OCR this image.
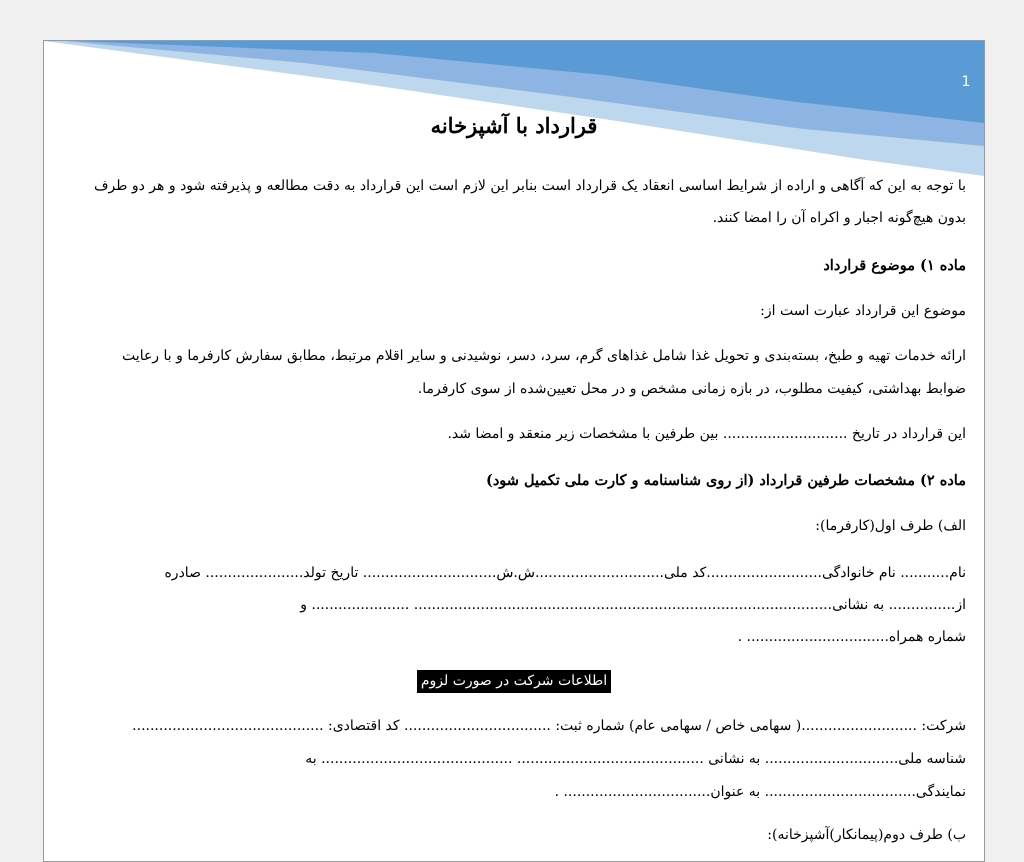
1
قرارداد با آشپزخانه
با توجه به این که آگاهی و اراده از شرایط اساسی انعقاد یک قرارداد است بنابر این لازم است این قرارداد به دقت مطالعه و پذیرفته شود و هر دو طرف
بدون هیچ‌گونه اجبار و اکراه آن را امضا کنند.
ماده ۱) موضوع قرارداد
موضوع این قرارداد عبارت است از:
ارائه خدمات تهیه و طبخ، بسته‌بندی و تحویل غذا شامل غذاهای گرم، سرد، دسر، نوشیدنی و سایر اقلام مرتبط، مطابق سفارش کارفرما و با رعایت
ضوابط بهداشتی، کیفیت مطلوب، در بازه زمانی مشخص و در محل تعیین‌شده از سوی کارفرما.
این قرارداد در تاریخ ............................ بین طرفین با مشخصات زیر منعقد و امضا شد.
ماده ۲) مشخصات طرفین قرارداد (از روی شناسنامه و کارت ملی تکمیل شود)
الف) طرف اول(کارفرما):
نام........... نام خانوادگی..........................کد ملی.............................ش.ش.............................. تاریخ تولد...................... صادره
از............... به نشانی.............................................................................................. ...................... و
شماره همراه................................ .
اطلاعات شرکت در صورت لزوم
شرکت: ..........................( سهامی خاص / سهامی عام) شماره ثبت: ................................. کد اقتصادی: ...........................................
شناسه ملی.............................. به نشانی .......................................... ........................................... به
نمایندگی.................................. به عنوان................................. .
ب) طرف دوم(پیمانکار)آشپزخانه):
